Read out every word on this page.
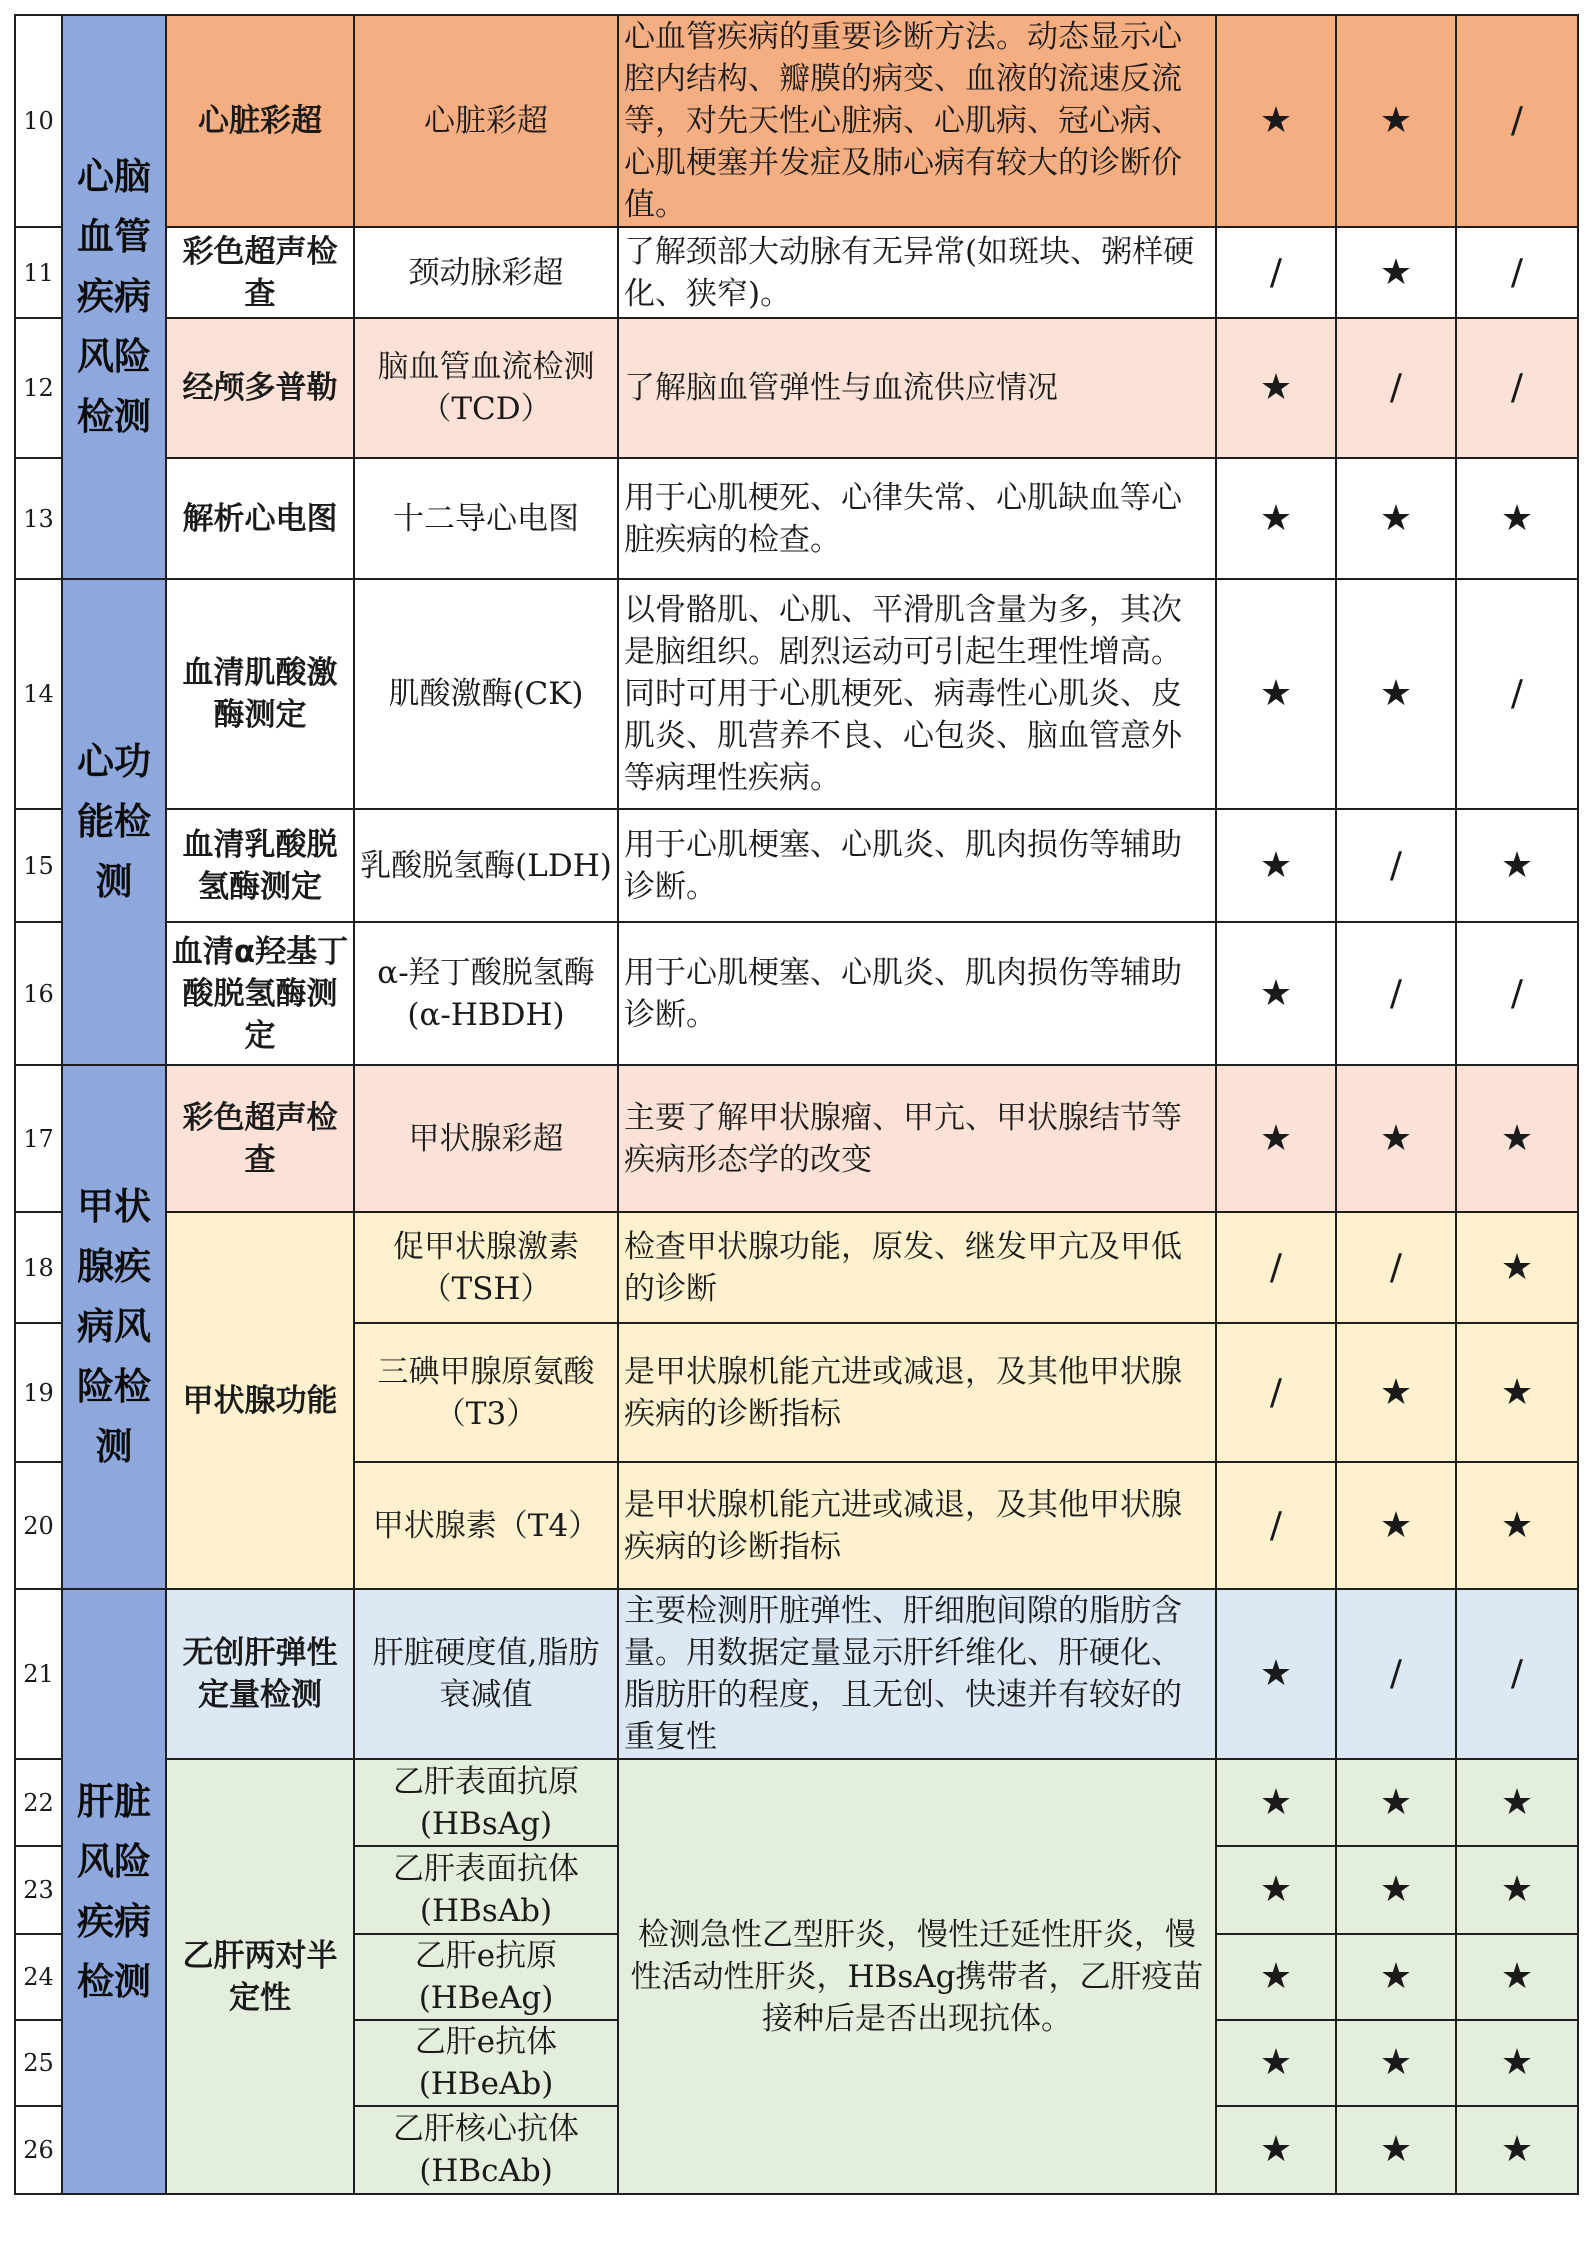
10	心脑血管疾病风险检测	心脏彩超	心脏彩超	心血管疾病的重要诊断方法。动态显示心腔内结构、瓣膜的病变、血液的流速反流等，对先天性心脏病、心肌病、冠心病、心肌梗塞并发症及肺心病有较大的诊断价值。	★	★	/
11		彩色超声检查	颈动脉彩超	了解颈部大动脉有无异常(如斑块、粥样硬化、狭窄)。	/	★	/
12		经颅多普勒	脑血管血流检测（TCD）	了解脑血管弹性与血流供应情况	★	/	/
13		解析心电图	十二导心电图	用于心肌梗死、心律失常、心肌缺血等心脏疾病的检查。	★	★	★
14	心功能检测	血清肌酸激酶测定	肌酸激酶(CK)	以骨骼肌、心肌、平滑肌含量为多，其次是脑组织。剧烈运动可引起生理性增高。同时可用于心肌梗死、病毒性心肌炎、皮肌炎、肌营养不良、心包炎、脑血管意外等病理性疾病。	★	★	/
15		血清乳酸脱氢酶测定	乳酸脱氢酶(LDH)	用于心肌梗塞、心肌炎、肌肉损伤等辅助诊断。	★	/	★
16		血清α羟基丁酸脱氢酶测定	α-羟丁酸脱氢酶(α-HBDH)	用于心肌梗塞、心肌炎、肌肉损伤等辅助诊断。	★	/	/
17	甲状腺疾病风险检测	彩色超声检查	甲状腺彩超	主要了解甲状腺瘤、甲亢、甲状腺结节等疾病形态学的改变	★	★	★
18		甲状腺功能	促甲状腺激素（TSH）	检查甲状腺功能，原发、继发甲亢及甲低的诊断	/	/	★
19			三碘甲腺原氨酸（T3）	是甲状腺机能亢进或减退，及其他甲状腺疾病的诊断指标	/	★	★
20			甲状腺素（T4）	是甲状腺机能亢进或减退，及其他甲状腺疾病的诊断指标	/	★	★
21	肝脏风险疾病检测	无创肝弹性定量检测	肝脏硬度值,脂肪衰减值	主要检测肝脏弹性、肝细胞间隙的脂肪含量。用数据定量显示肝纤维化、肝硬化、脂肪肝的程度，且无创、快速并有较好的重复性	★	/	/
22		乙肝两对半定性	乙肝表面抗原(HBsAg)	检测急性乙型肝炎，慢性迁延性肝炎，慢性活动性肝炎，HBsAg携带者，乙肝疫苗接种后是否出现抗体。	★	★	★
23			乙肝表面抗体(HBsAb)		★	★	★
24			乙肝e抗原(HBeAg)		★	★	★
25			乙肝e抗体(HBeAb)		★	★	★
26			乙肝核心抗体(HBcAb)		★	★	★
